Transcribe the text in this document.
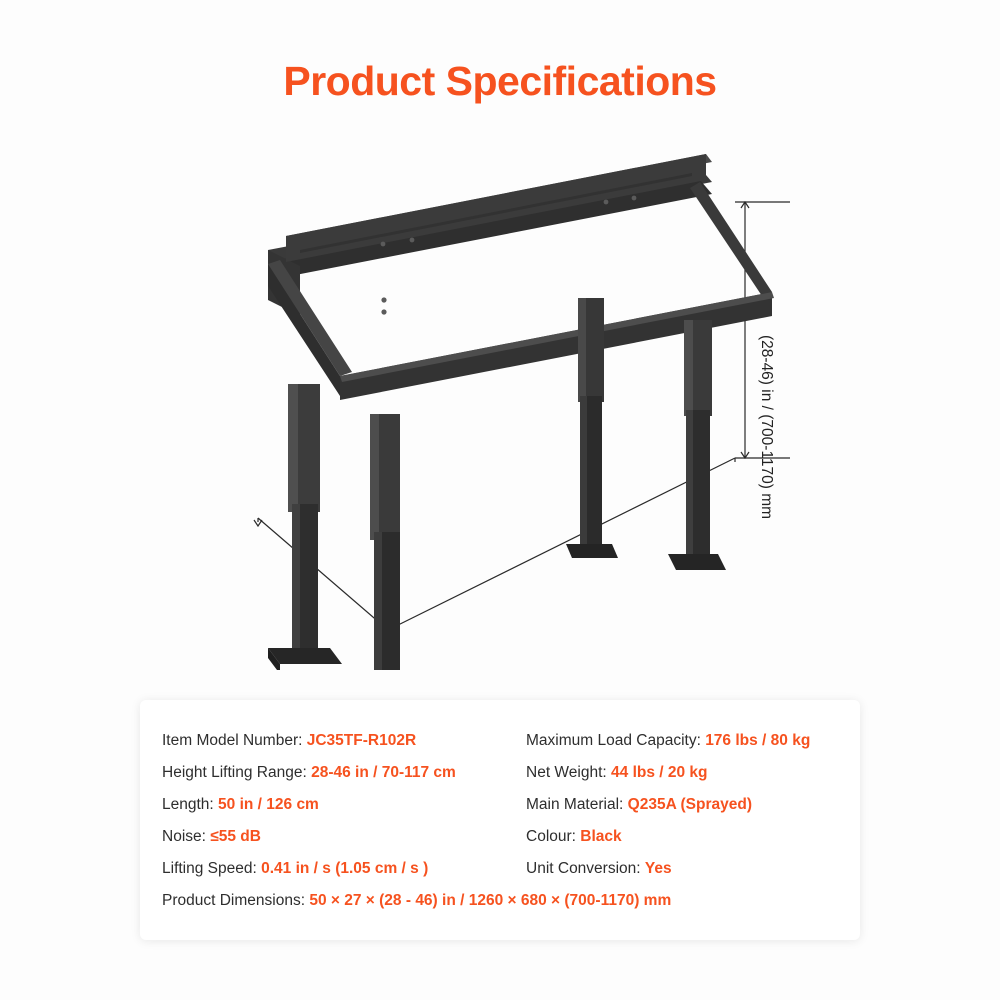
Product Specifications
(28-46) in / (700-1170) mm
Item Model Number: JC35TF-R102R	Maximum Load Capacity: 176 lbs / 80 kg
Height Lifting Range: 28-46 in / 70-117 cm	Net Weight: 44 lbs / 20 kg
Length: 50 in / 126 cm	Main Material: Q235A (Sprayed)
Noise: ≤55 dB	Colour: Black
Lifting Speed: 0.41 in / s (1.05 cm / s )	Unit Conversion: Yes
Product Dimensions: 50 × 27 × (28 - 46) in / 1260 × 680 × (700-1170) mm
